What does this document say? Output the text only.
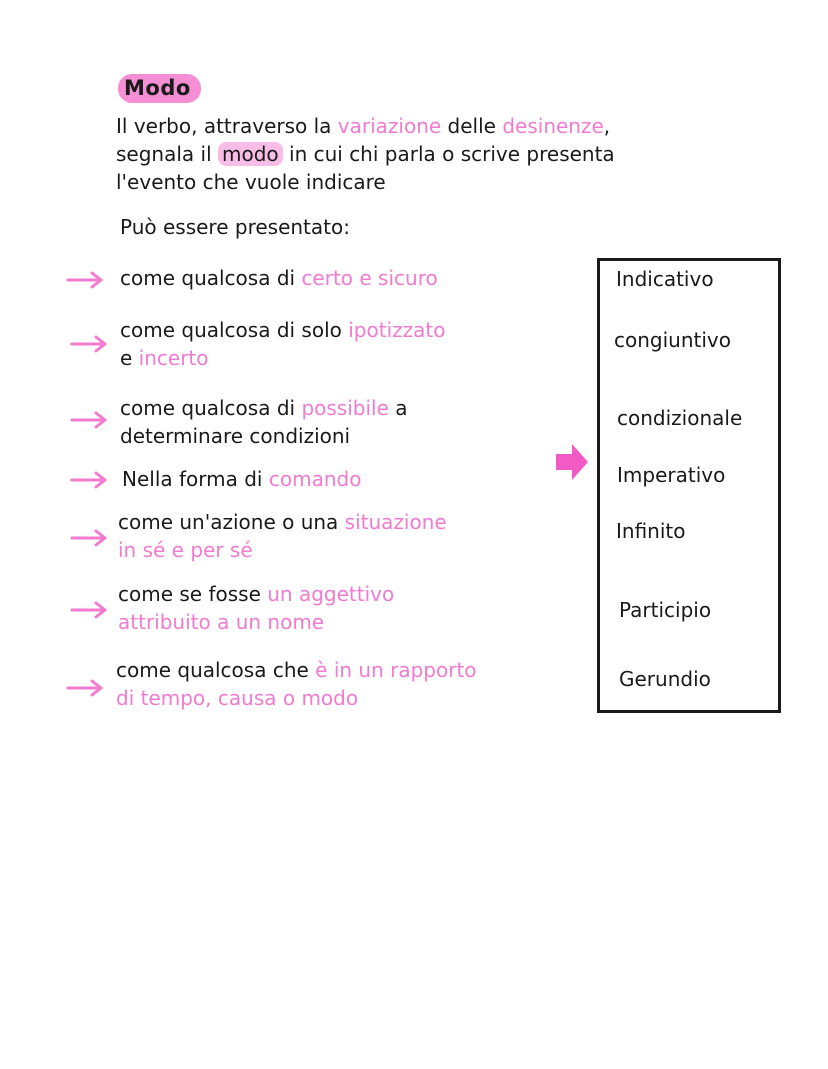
Modo
Il verbo, attraverso la variazione delle desinenze,
segnala il modo in cui chi parla o scrive presenta
l'evento che vuole indicare
Può essere presentato:
come qualcosa di certo e sicuro
come qualcosa di solo ipotizzato
e incerto
come qualcosa di possibile a
determinare condizioni
Nella forma di comando
come un'azione o una situazione
in sé e per sé
come se fosse un aggettivo
attribuito a un nome
come qualcosa che è in un rapporto
di tempo, causa o modo
Indicativo
congiuntivo
condizionale
Imperativo
Infinito
Participio
Gerundio
